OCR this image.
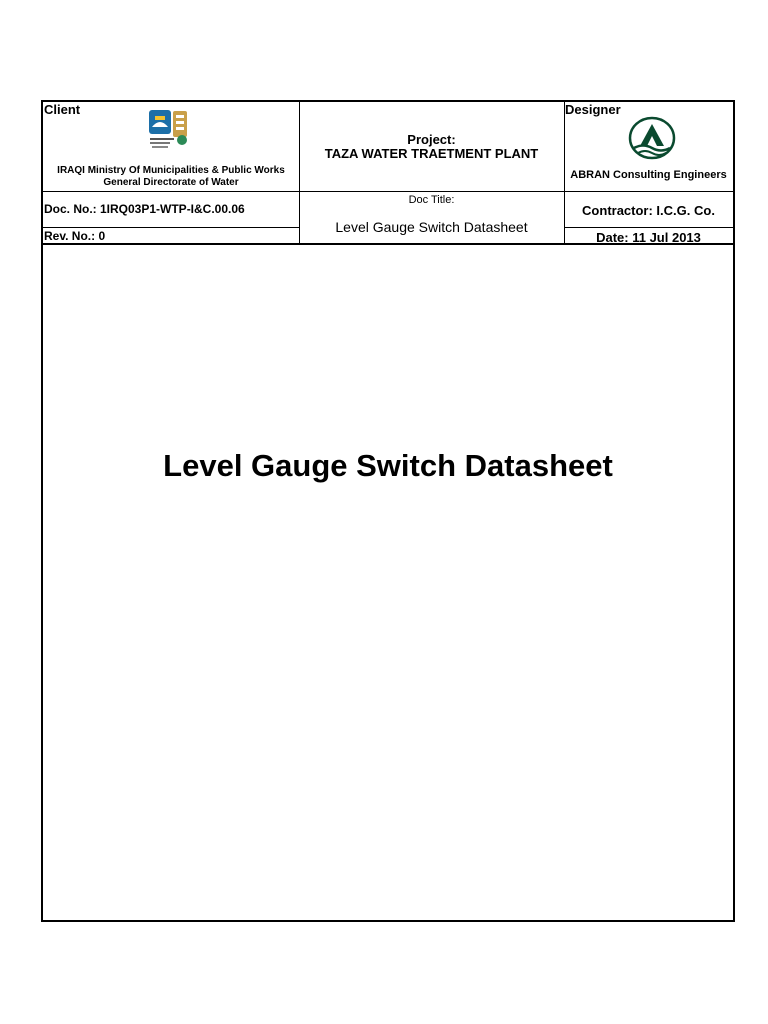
Client
IRAQI Ministry Of Municipalities & Public Works
General Directorate of Water
Project:
TAZA WATER TRAETMENT PLANT
Designer
ABRAN Consulting Engineers
Doc. No.: 1IRQ03P1-WTP-I&C.00.06
Doc Title:
Level Gauge Switch Datasheet
Contractor: I.C.G. Co.
Rev. No.: 0	Date: 11 Jul 2013
Level Gauge Switch Datasheet
